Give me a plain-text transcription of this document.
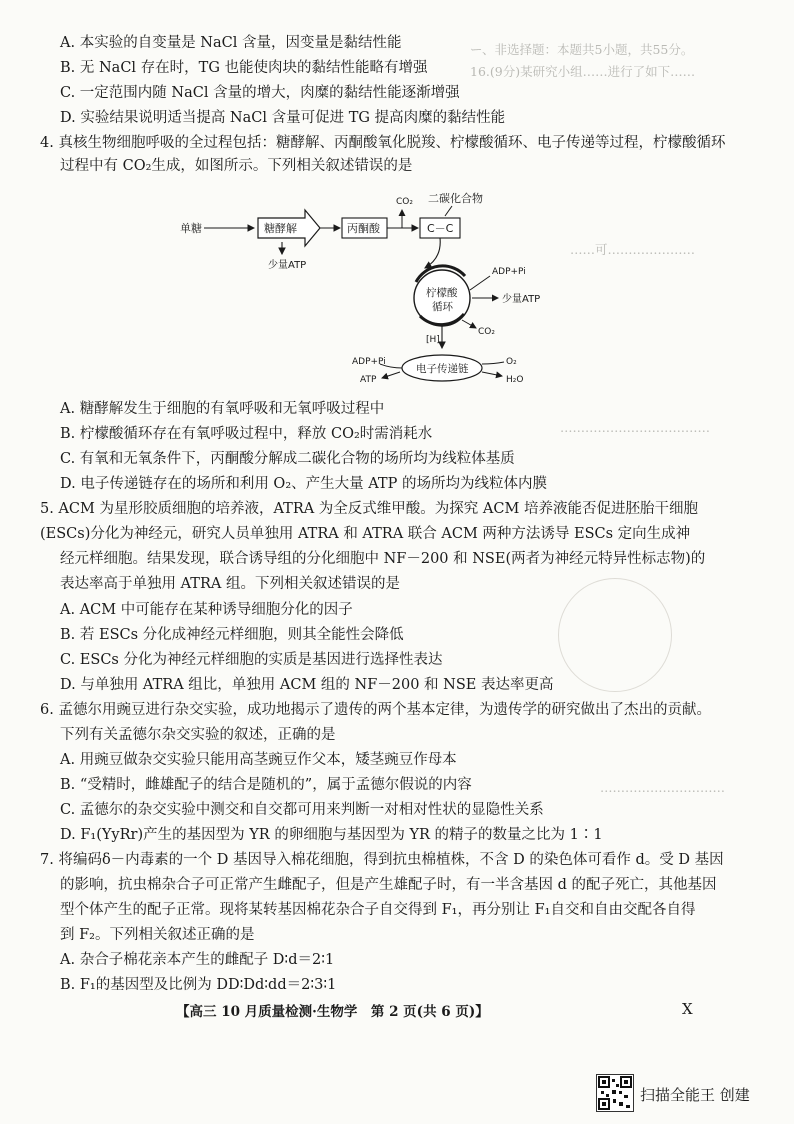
ー、非选择题：本题共5小题，共55分。
16.(9分)某研究小组……进行了如下……
……可…………………
………………………………
…………………………
A. 本实验的自变量是 NaCl 含量，因变量是黏结性能
B. 无 NaCl 存在时，TG 也能使肉块的黏结性能略有增强
C. 一定范围内随 NaCl 含量的增大，肉糜的黏结性能逐渐增强
D. 实验结果说明适当提高 NaCl 含量可促进 TG 提高肉糜的黏结性能
4. 真核生物细胞呼吸的全过程包括：糖酵解、丙酮酸氧化脱羧、柠檬酸循环、电子传递等过程，柠檬酸循环
过程中有 CO₂生成，如图所示。下列相关叙述错误的是
单糖	糖酵解
少量ATP
丙酮酸
CO₂
C－C
二碳化合物
柠檬酸
循环
ADP+Pi
少量ATP
CO₂
[H]
电子传递链
ADP+Pi
ATP
O₂
H₂O
A. 糖酵解发生于细胞的有氧呼吸和无氧呼吸过程中
B. 柠檬酸循环存在有氧呼吸过程中，释放 CO₂时需消耗水
C. 有氧和无氧条件下，丙酮酸分解成二碳化合物的场所均为线粒体基质
D. 电子传递链存在的场所和利用 O₂、产生大量 ATP 的场所均为线粒体内膜
5. ACM 为星形胶质细胞的培养液，ATRA 为全反式维甲酸。为探究 ACM 培养液能否促进胚胎干细胞
(ESCs)分化为神经元，研究人员单独用 ATRA 和 ATRA 联合 ACM 两种方法诱导 ESCs 定向生成神
经元样细胞。结果发现，联合诱导组的分化细胞中 NF－200 和 NSE(两者为神经元特异性标志物)的
表达率高于单独用 ATRA 组。下列相关叙述错误的是
A. ACM 中可能存在某种诱导细胞分化的因子
B. 若 ESCs 分化成神经元样细胞，则其全能性会降低
C. ESCs 分化为神经元样细胞的实质是基因进行选择性表达
D. 与单独用 ATRA 组比，单独用 ACM 组的 NF－200 和 NSE 表达率更高
6. 孟德尔用豌豆进行杂交实验，成功地揭示了遗传的两个基本定律，为遗传学的研究做出了杰出的贡献。
下列有关孟德尔杂交实验的叙述，正确的是
A. 用豌豆做杂交实验只能用高茎豌豆作父本，矮茎豌豆作母本
B. “受精时，雌雄配子的结合是随机的”，属于孟德尔假说的内容
C. 孟德尔的杂交实验中测交和自交都可用来判断一对相对性状的显隐性关系
D. F₁(YyRr)产生的基因型为 YR 的卵细胞与基因型为 YR 的精子的数量之比为 1∶1
7. 将编码δ－内毒素的一个 D 基因导入棉花细胞，得到抗虫棉植株，不含 D 的染色体可看作 d。受 D 基因
的影响，抗虫棉杂合子可正常产生雌配子，但是产生雄配子时，有一半含基因 d 的配子死亡，其他基因
型个体产生的配子正常。现将某转基因棉花杂合子自交得到 F₁，再分别让 F₁自交和自由交配各自得
到 F₂。下列相关叙述正确的是
A. 杂合子棉花亲本产生的雌配子 D∶d＝2∶1
B. F₁的基因型及比例为 DD∶Dd∶dd＝2∶3∶1
【高三 10 月质量检测·生物学　第 2 页(共 6 页)】	X
扫描全能王 创建
